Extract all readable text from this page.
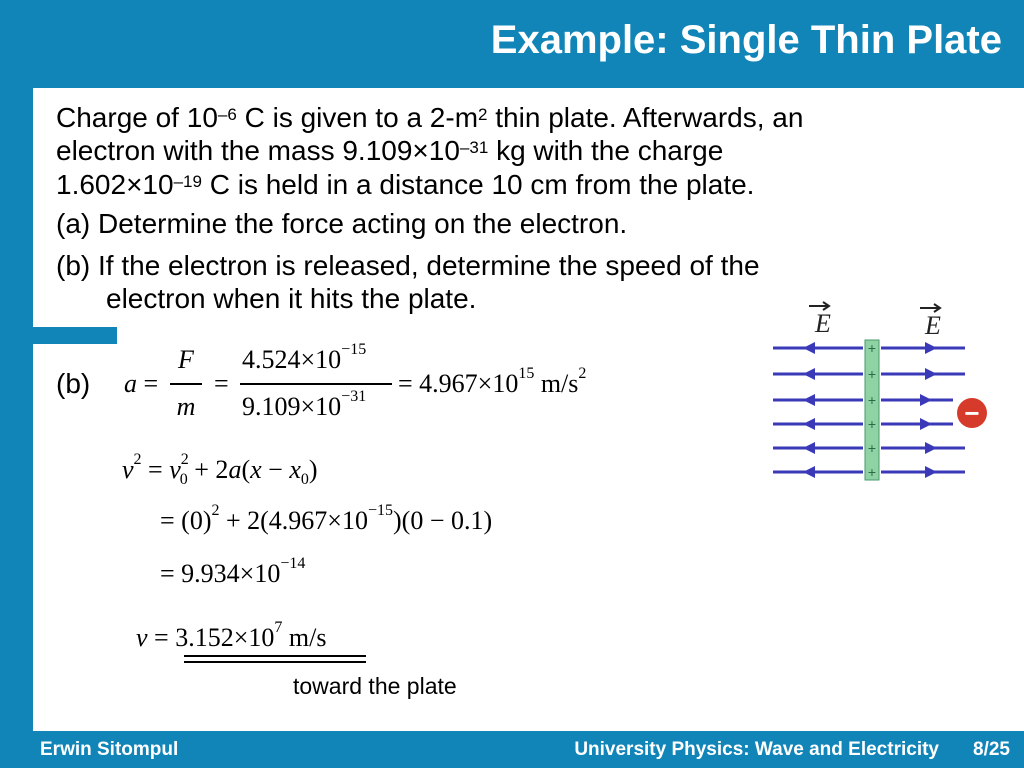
Example: Single Thin Plate
Charge of $10^{-6}$ C is given to a $2-m^2$ thin plate. Afterwards, an
electron with the mass $9.109\times 10^{-31}$ kg with the charge
$1.602\times 10^{-19}$ C is held in a distance 10 cm from the plate.
(a) Determine the force acting on the electron.
(b) If the electron is released, determine the speed of the
electron when it hits the plate.
(b) a =
F
m
=
$4.524\times 10^{-15}$
$9.109\times 10^{-31} = 4.967\times 10^{15}$ $m/s^2$
$v^2 = v^2_0 + 2a(x - x_0)$
= $(0)^2 + 2(4.967\times 10^{-15})(0 - 0.1)$
= $9.934\times 10^{-14}$
$v = 3.152\times 10^7$ m/s
toward the plate
E	E
+
+
+
+
+
+
−
Erwin Sitompul	University Physics: Wave and Electricity 8/25
